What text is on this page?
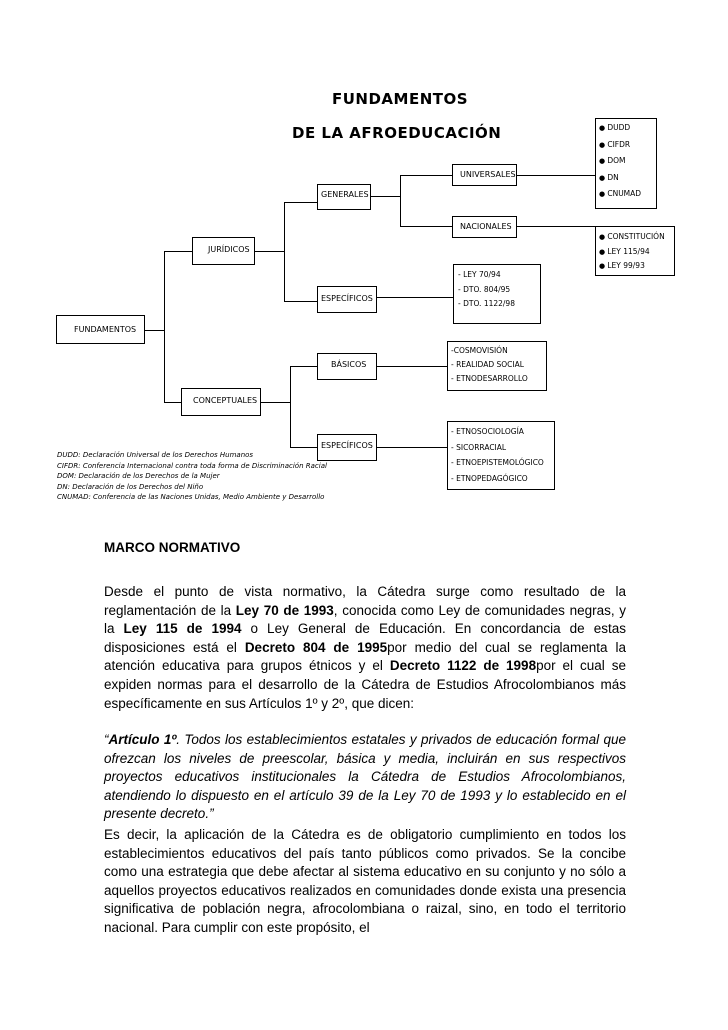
FUNDAMENTOS
DE LA AFROEDUCACIÓN
FUNDAMENTOS
JURÍDICOS
CONCEPTUALES
GENERALES
ESPECÍFICOS
BÁSICOS
ESPECÍFICOS
UNIVERSALES
NACIONALES
● DUDD
● CIFDR
● DOM
● DN
● CNUMAD
● CONSTITUCIÓN
● LEY 115/94
● LEY 99/93
- LEY 70/94
- DTO. 804/95
- DTO. 1122/98
-COSMOVISIÓN
- REALIDAD SOCIAL
- ETNODESARROLLO
- ETNOSOCIOLOGÍA
- SICORRACIAL
- ETNOEPISTEMOLÓGICO
- ETNOPEDAGÓGICO
DUDD: Declaración Universal de los Derechos Humanos
CIFDR: Conferencia Internacional contra toda forma de Discriminación Racial
DOM: Declaración de los Derechos de la Mujer
DN: Declaración de los Derechos del Niño
CNUMAD: Conferencia de las Naciones Unidas, Medio Ambiente y Desarrollo
MARCO NORMATIVO

Desde el punto de vista normativo, la Cátedra surge como resultado de la reglamentación de la Ley 70 de 1993, conocida como Ley de comunidades negras, y la Ley 115 de 1994 o Ley General de Educación. En concordancia de estas disposiciones está el Decreto 804 de 1995por medio del cual se reglamenta la atención educativa para grupos étnicos y el Decreto 1122 de 1998por el cual se expiden normas para el desarrollo de la Cátedra de Estudios Afrocolombianos más específicamente en sus Artículos 1º y 2º, que dicen:

“Artículo 1º. Todos los establecimientos estatales y privados de educación formal que ofrezcan los niveles de preescolar, básica y media, incluirán en sus respectivos proyectos educativos institucionales la Cátedra de Estudios Afrocolombianos, atendiendo lo dispuesto en el artículo 39 de la Ley 70 de 1993 y lo establecido en el presente decreto.”

Es decir, la aplicación de la Cátedra es de obligatorio cumplimiento en todos los establecimientos educativos del país tanto públicos como privados. Se la concibe como una estrategia que debe afectar al sistema educativo en su conjunto y no sólo a aquellos proyectos educativos realizados en comunidades donde exista una presencia significativa de población negra, afrocolombiana o raizal, sino, en todo el territorio nacional. Para cumplir con este propósito, el
